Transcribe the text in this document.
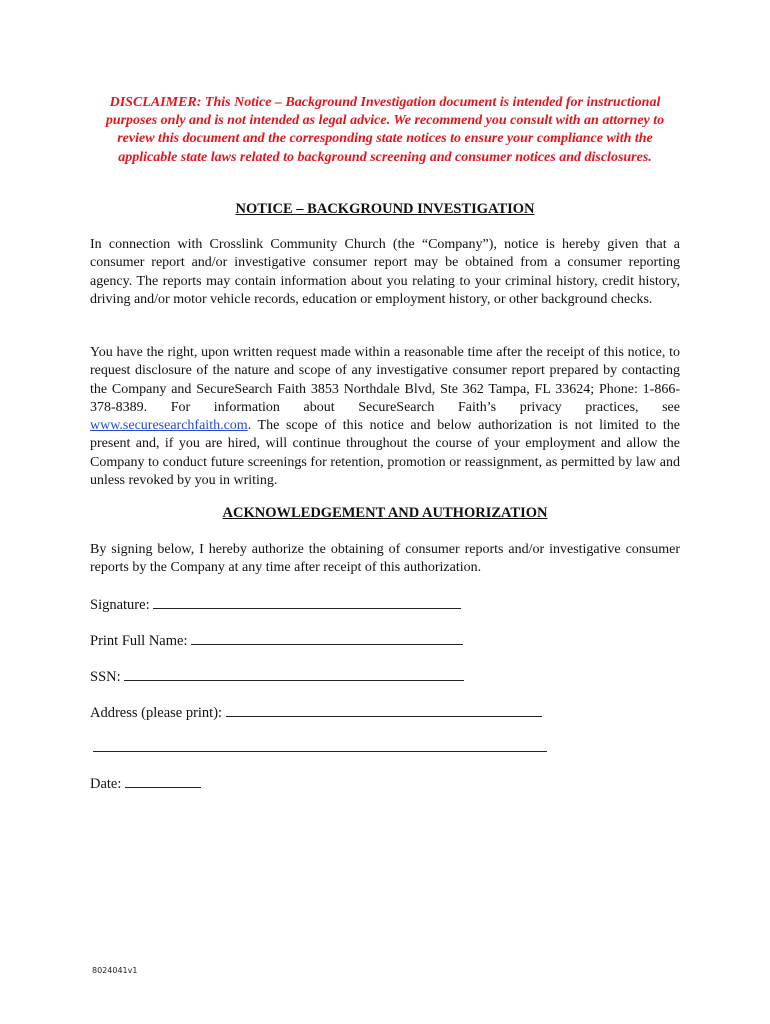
DISCLAIMER: This Notice – Background Investigation document is intended for instructional purposes only and is not intended as legal advice. We recommend you consult with an attorney to review this document and the corresponding state notices to ensure your compliance with the applicable state laws related to background screening and consumer notices and disclosures.
NOTICE – BACKGROUND INVESTIGATION
In connection with Crosslink Community Church (the “Company”), notice is hereby given that a consumer report and/or investigative consumer report may be obtained from a consumer reporting agency. The reports may contain information about you relating to your criminal history, credit history, driving and/or motor vehicle records, education or employment history, or other background checks.
You have the right, upon written request made within a reasonable time after the receipt of this notice, to request disclosure of the nature and scope of any investigative consumer report prepared by contacting the Company and SecureSearch Faith 3853 Northdale Blvd, Ste 362 Tampa, FL 33624; Phone: 1-866-378-8389. For information about SecureSearch Faith’s privacy practices, see www.securesearchfaith.com. The scope of this notice and below authorization is not limited to the present and, if you are hired, will continue throughout the course of your employment and allow the Company to conduct future screenings for retention, promotion or reassignment, as permitted by law and unless revoked by you in writing.
ACKNOWLEDGEMENT AND AUTHORIZATION
By signing below, I hereby authorize the obtaining of consumer reports and/or investigative consumer reports by the Company at any time after receipt of this authorization.
Signature:
Print Full Name:
SSN:
Address (please print):
Date:
8024041v1
